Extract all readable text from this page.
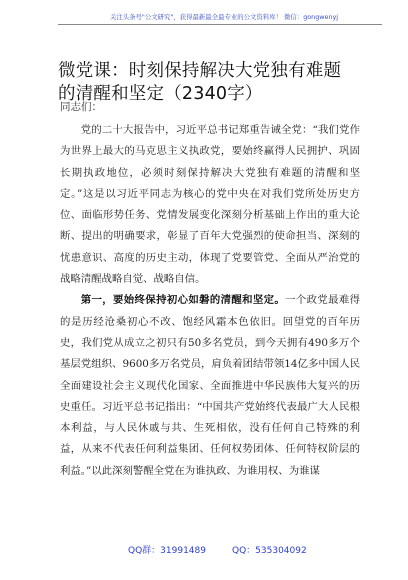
关注头条号"公文研究"，获得最新最全最专业的公文资料库！ 微信：gongwenyj
微党课：时刻保持解决大党独有难题的清醒和坚定（2340字）
同志们：

党的二十大报告中，习近平总书记郑重告诫全党：“我们党作为世界上最大的马克思主义执政党，要始终赢得人民拥护、巩固长期执政地位，必须时刻保持解决大党独有难题的清醒和坚定。”这是以习近平同志为核心的党中央在对我们党所处历史方位、面临形势任务、党情发展变化深刻分析基础上作出的重大论断、提出的明确要求，彰显了百年大党强烈的使命担当、深刻的忧患意识、高度的历史主动，体现了党要管党、全面从严治党的战略清醒战略自觉、战略自信。

第一，要始终保持初心如磐的清醒和坚定。一个政党最难得的是历经沧桑初心不改、饱经风霜本色依旧。回望党的百年历史，我们党从成立之初只有50多名党员，到今天拥有490多万个基层党组织、9600多万名党员，肩负着团结带领14亿多中国人民全面建设社会主义现代化国家、全面推进中华民族伟大复兴的历史重任。习近平总书记指出：“中国共产党始终代表最广大人民根本利益，与人民休戚与共、生死相依，没有任何自己特殊的利益，从来不代表任何利益集团、任何权势团体、任何特权阶层的利益。”以此深刻警醒全党在为谁执政、为谁用权、为谁谋

QQ群：31991489	QQ：535304092
